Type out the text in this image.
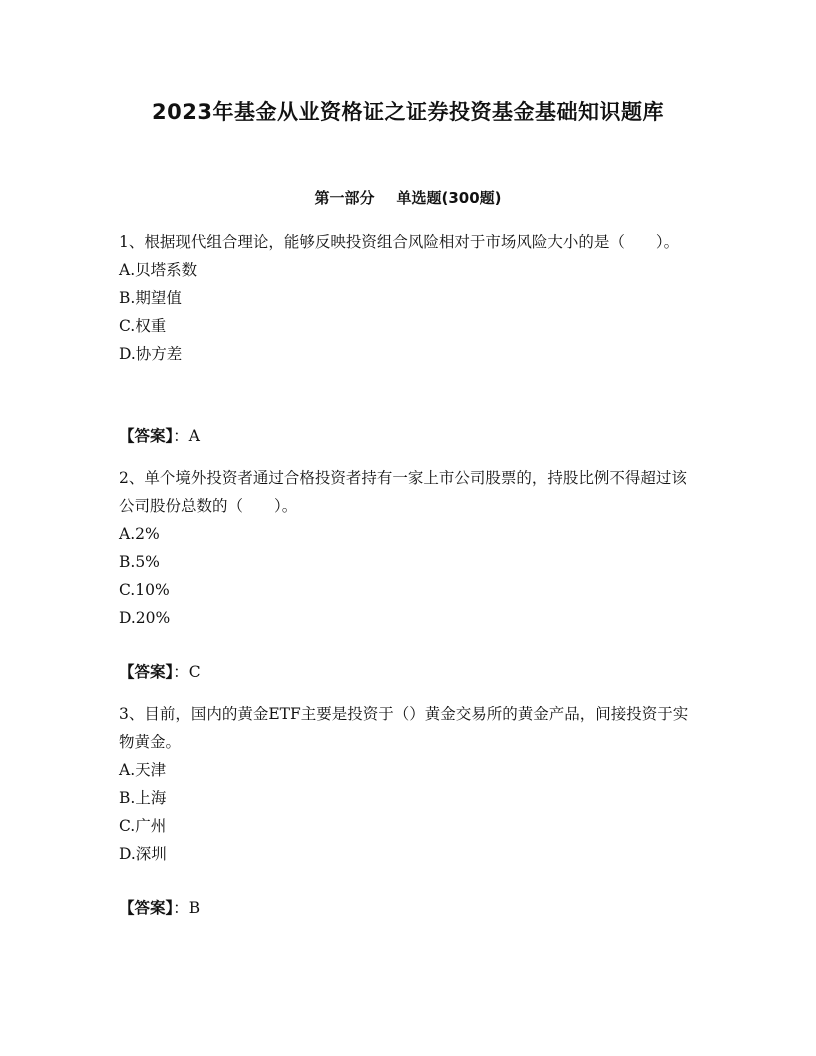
2023年基金从业资格证之证券投资基金基础知识题库
第一部分 单选题(300题)

1、根据现代组合理论，能够反映投资组合风险相对于市场风险大小的是（　　）。

A.贝塔系数

B.期望值

C.权重

D.协方差

【答案】：A

2、单个境外投资者通过合格投资者持有一家上市公司股票的，持股比例不得超过该公司股份总数的（　　）。

A.2%

B.5%

C.10%

D.20%

【答案】：C

3、目前，国内的黄金ETF主要是投资于（）黄金交易所的黄金产品，间接投资于实物黄金。

A.天津

B.上海

C.广州

D.深圳

【答案】：B
